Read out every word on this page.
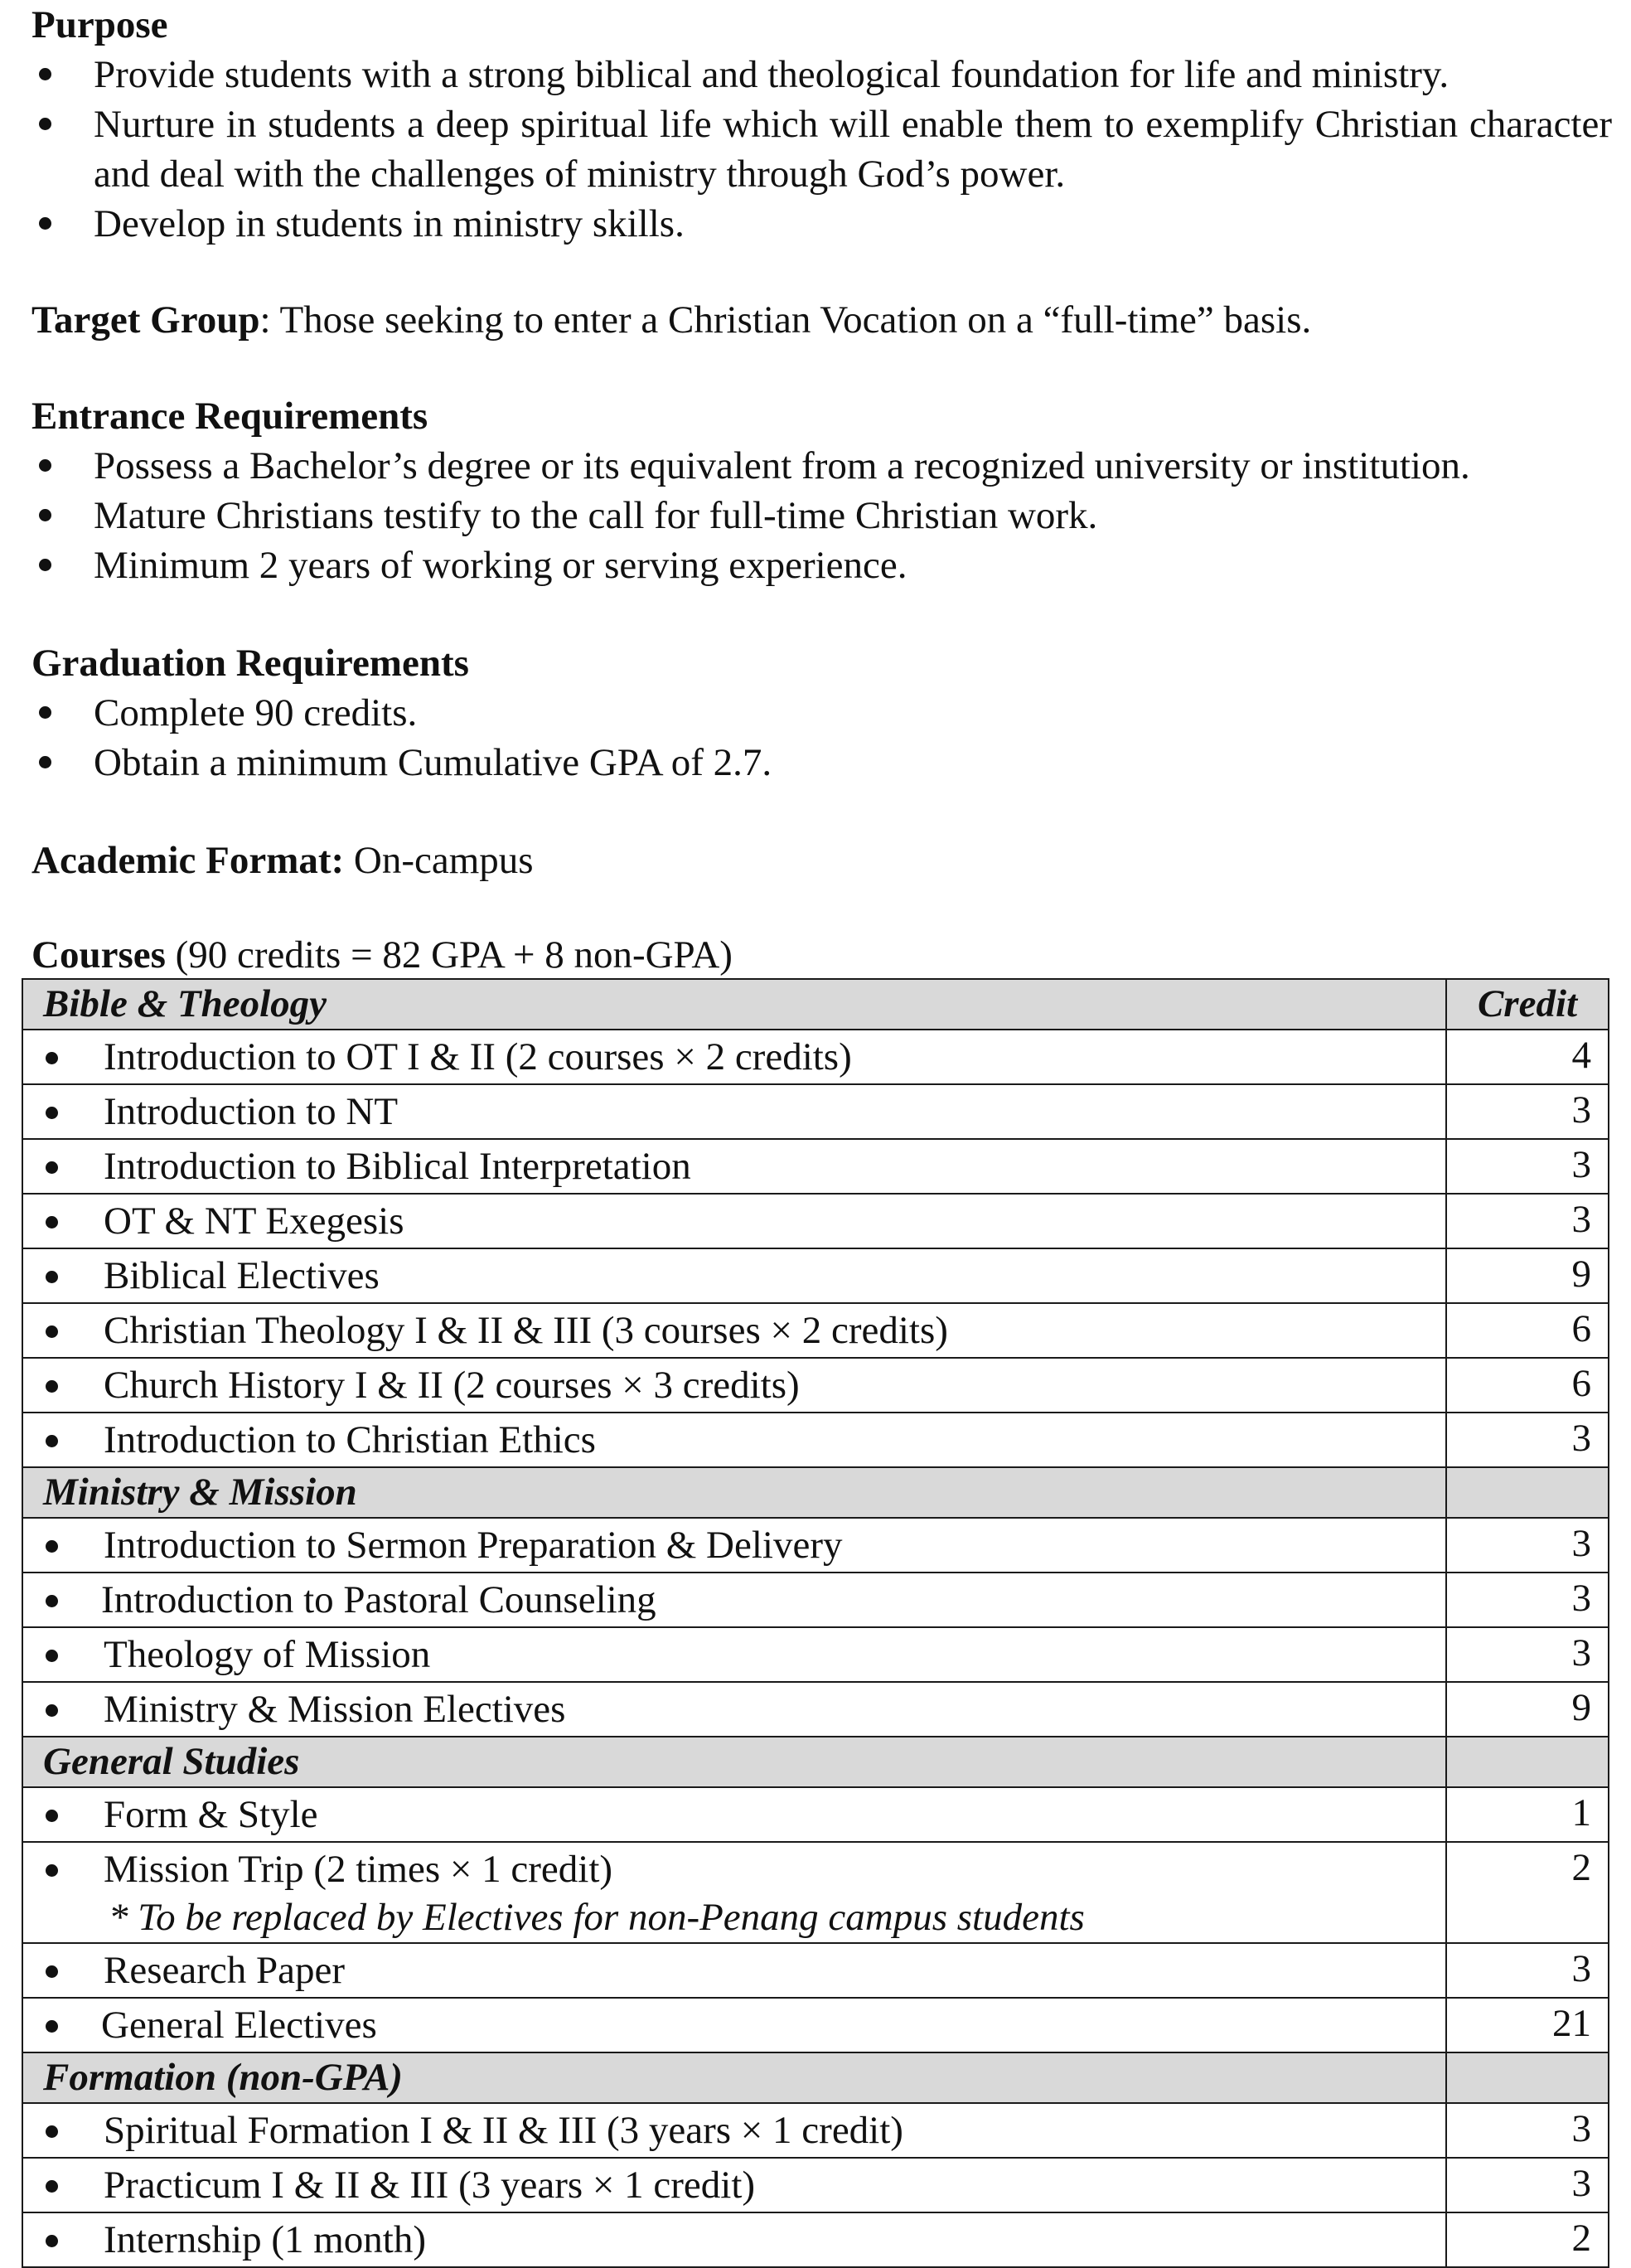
Purpose
Provide students with a strong biblical and theological foundation for life and ministry.
Nurture in students a deep spiritual life which will enable them to exemplify Christian character and deal with the challenges of ministry through God’s power.
Develop in students in ministry skills.
Target Group: Those seeking to enter a Christian Vocation on a “full-time” basis.
Entrance Requirements
Possess a Bachelor’s degree or its equivalent from a recognized university or institution.
Mature Christians testify to the call for full-time Christian work.
Minimum 2 years of working or serving experience.
Graduation Requirements
Complete 90 credits.
Obtain a minimum Cumulative GPA of 2.7.
Academic Format: On-campus
Courses (90 credits = 82 GPA + 8 non-GPA)
Bible & Theology	Credit

Introduction to OT I & II (2 courses × 2 credits)	4

Introduction to NT	3

Introduction to Biblical Interpretation	3

OT & NT Exegesis	3

Biblical Electives	9

Christian Theology I & II & III (3 courses × 2 credits)	6

Church History I & II (2 courses × 3 credits)	6

Introduction to Christian Ethics	3

Ministry & Mission	

Introduction to Sermon Preparation & Delivery	3

Introduction to Pastoral Counseling	3

Theology of Mission	3

Ministry & Mission Electives	9

General Studies	

Form & Style	1

Mission Trip (2 times × 1 credit)
* To be replaced by Electives for non-Penang campus students	2

Research Paper	3

General Electives	21

Formation (non-GPA)	

Spiritual Formation I & II & III (3 years × 1 credit)	3

Practicum I & II & III (3 years × 1 credit)	3

Internship (1 month)	2
